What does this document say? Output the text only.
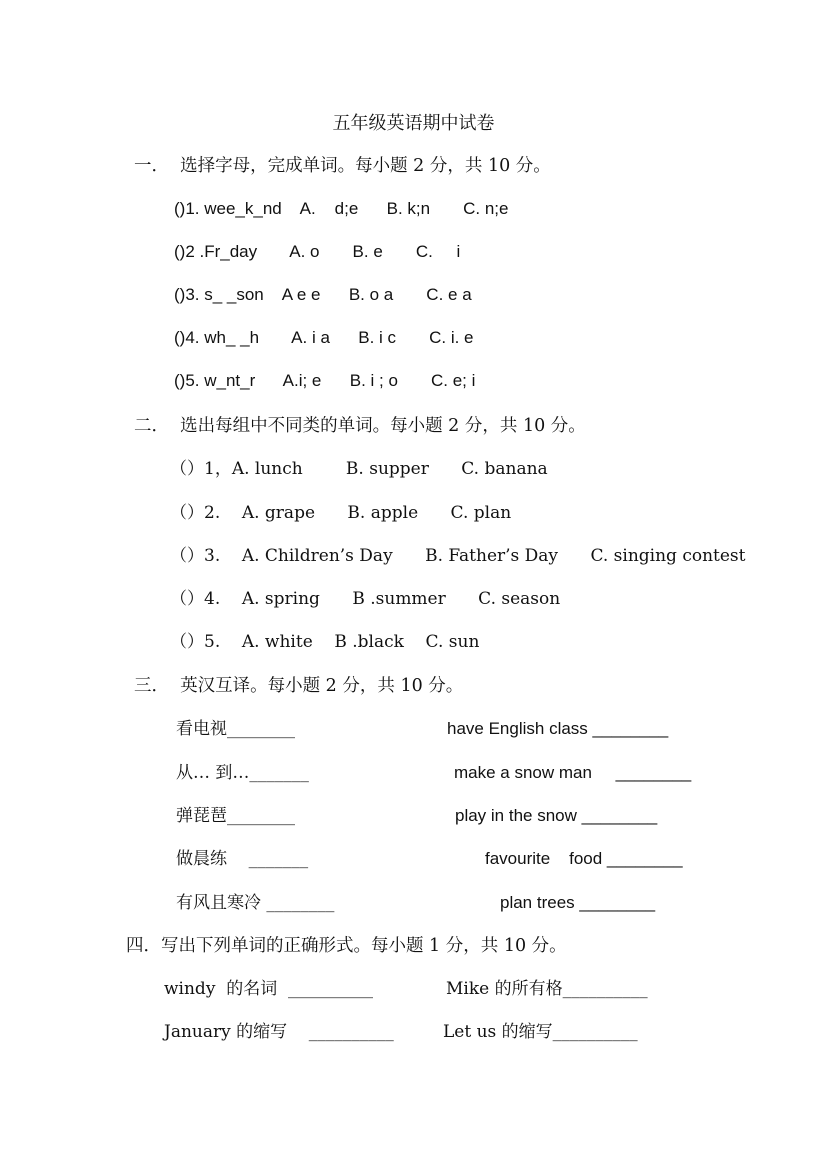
五年级英语期中试卷
一．  选择字母，完成单词。每小题 2 分，共 10 分。
()1. wee_k_nd    A.    d;e      B. k;n       C. n;e
()2 .Fr_day       A. o       B. e       C.     i
()3. s_ _son    A e e      B. o a       C. e a
()4. wh_ _h       A. i a      B. i c       C. i. e
()5. w_nt_r      A.i; e      B. i ; o       C. e; i
二．  选出每组中不同类的单词。每小题 2 分，共 10 分。
（）1，A. lunch        B. supper      C. banana
（）2.    A. grape      B. apple      C. plan
（）3.    A. Children’s Day      B. Father’s Day      C. singing contest
（）4.    A. spring      B .summer      C. season
（）5.    A. white    B .black    C. sun
三．  英汉互译。每小题 2 分，共 10 分。
看电视________
从… 到…_______
弹琵琶________
做晨练    _______
有风且寒冷 ________
have English class ________
make a snow man     ________
play in the snow ________
favourite    food ________
plan trees ________
四．写出下列单词的正确形式。每小题 1 分，共 10 分。
windy  的名词  __________
January 的缩写    __________
Mike 的所有格__________
Let us 的缩写__________
